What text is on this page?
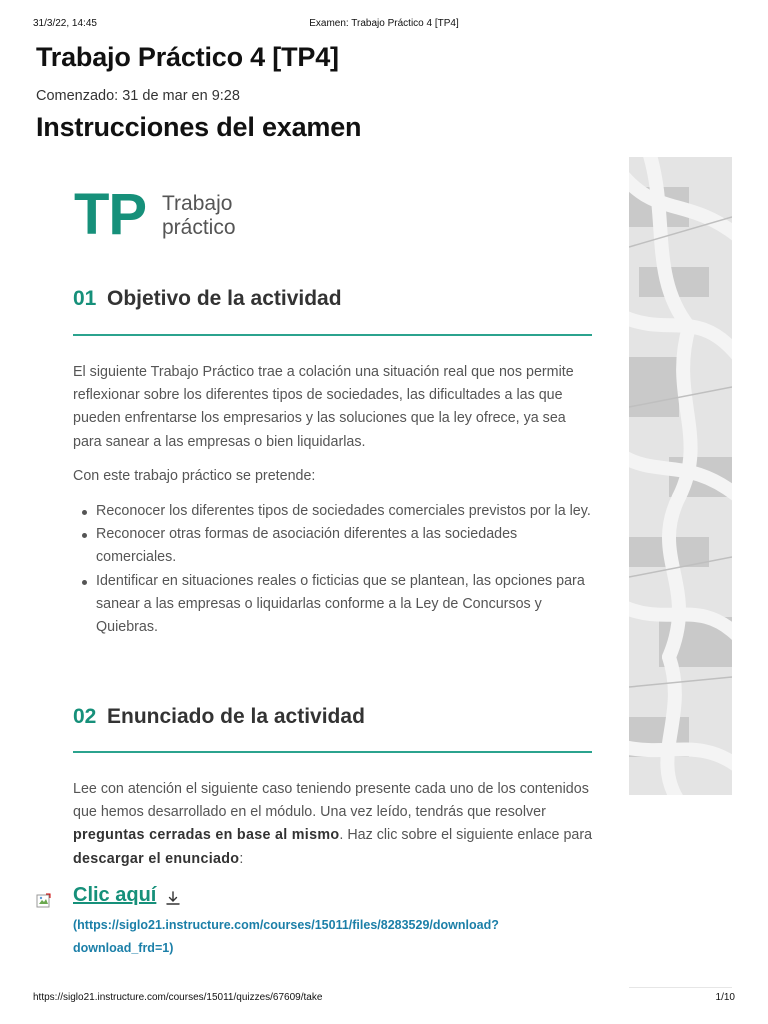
31/3/22, 14:45	Examen: Trabajo Práctico 4 [TP4]
Trabajo Práctico 4 [TP4]
Comenzado: 31 de mar en 9:28
Instrucciones del examen
TP Trabajo
práctico
01 Objetivo de la actividad

El siguiente Trabajo Práctico trae a colación una situación real que nos permite reflexionar sobre los diferentes tipos de sociedades, las dificultades a las que pueden enfrentarse los empresarios y las soluciones que la ley ofrece, ya sea para sanear a las empresas o bien liquidarlas.

Con este trabajo práctico se pretende:

Reconocer los diferentes tipos de sociedades comerciales previstos por la ley.
Reconocer otras formas de asociación diferentes a las sociedades comerciales.
Identificar en situaciones reales o ficticias que se plantean, las opciones para sanear a las empresas o liquidarlas conforme a la Ley de Concursos y Quiebras.
02 Enunciado de la actividad

Lee con atención el siguiente caso teniendo presente cada uno de los contenidos que hemos desarrollado en el módulo. Una vez leído, tendrás que resolver preguntas cerradas en base al mismo. Haz clic sobre el siguiente enlace para descargar el enunciado:

Clic aquí
(https://siglo21.instructure.com/courses/15011/files/8283529/download?download_frd=1)
https://siglo21.instructure.com/courses/15011/quizzes/67609/take	1/10
